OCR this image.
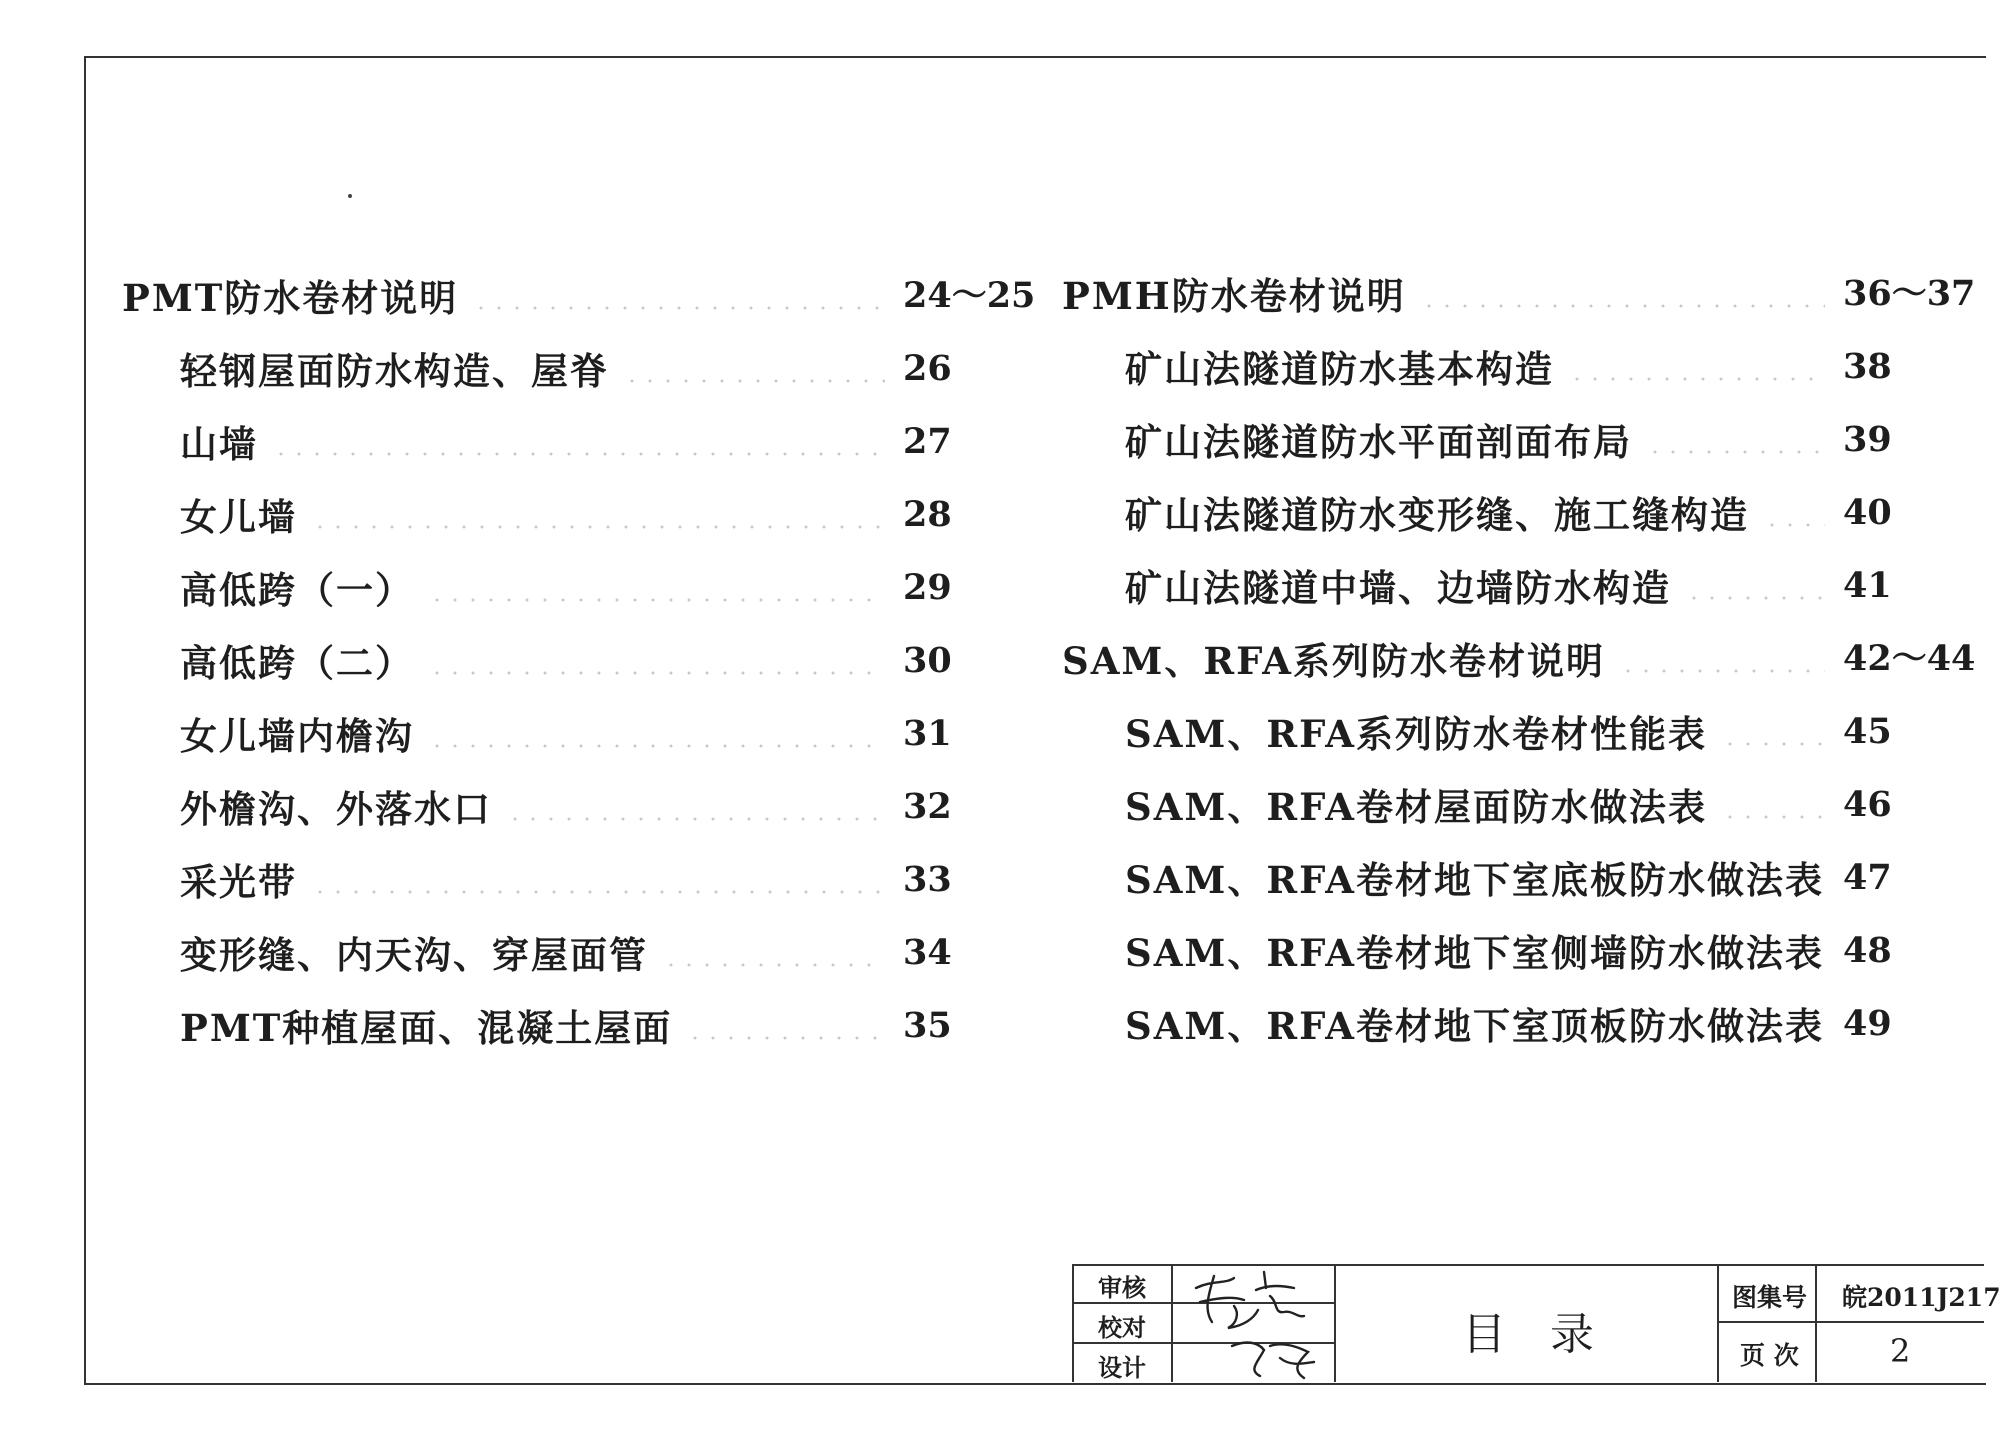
PMT防水卷材说明	24～25
轻钢屋面防水构造、屋脊	26
山墙	27
女儿墙	28
高低跨（一）	29
高低跨（二）	30
女儿墙内檐沟	31
外檐沟、外落水口	32
采光带	33
变形缝、内天沟、穿屋面管	34
PMT种植屋面、混凝土屋面	35
PMH防水卷材说明	36～37
矿山法隧道防水基本构造	38
矿山法隧道防水平面剖面布局	39
矿山法隧道防水变形缝、施工缝构造	40
矿山法隧道中墙、边墙防水构造	41
SAM、RFA系列防水卷材说明	42～44
SAM、RFA系列防水卷材性能表	45
SAM、RFA卷材屋面防水做法表	46
SAM、RFA卷材地下室底板防水做法表 47
SAM、RFA卷材地下室侧墙防水做法表 48
SAM、RFA卷材地下室顶板防水做法表 49
审核
校对
设计
目　录
图集号 皖2011J217
页 次	2
